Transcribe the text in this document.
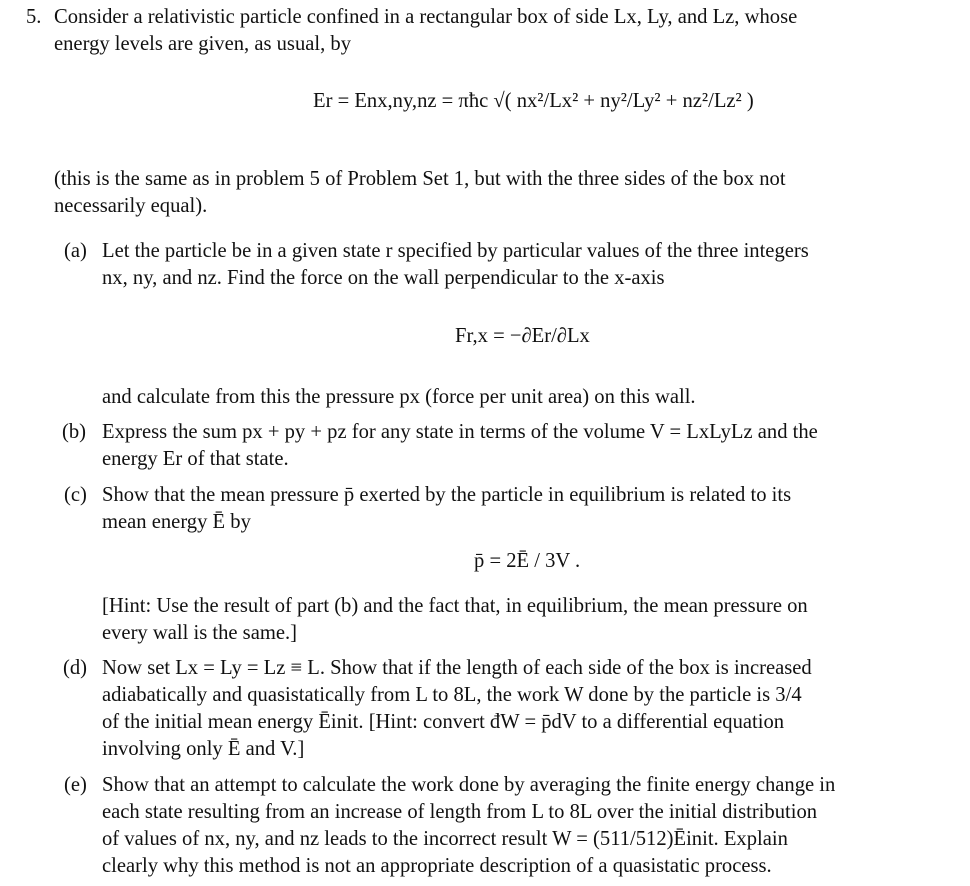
5. Consider a relativistic particle confined in a rectangular box of side Lx, Ly, and Lz, whose
energy levels are given, as usual, by
Er = Enx,ny,nz = πħc √( nx²/Lx² + ny²/Ly² + nz²/Lz² )
(this is the same as in problem 5 of Problem Set 1, but with the three sides of the box not
necessarily equal).
(a) Let the particle be in a given state r specified by particular values of the three integers
nx, ny, and nz. Find the force on the wall perpendicular to the x-axis
Fr,x = −∂Er/∂Lx
and calculate from this the pressure px (force per unit area) on this wall.
(b) Express the sum px + py + pz for any state in terms of the volume V = LxLyLz and the
energy Er of that state.
(c) Show that the mean pressure p̄ exerted by the particle in equilibrium is related to its
mean energy Ē by
p̄ = 2Ē / 3V .
[Hint: Use the result of part (b) and the fact that, in equilibrium, the mean pressure on
every wall is the same.]
(d) Now set Lx = Ly = Lz ≡ L. Show that if the length of each side of the box is increased
adiabatically and quasistatically from L to 8L, the work W done by the particle is 3/4
of the initial mean energy Ēinit. [Hint: convert đW = p̄dV to a differential equation
involving only Ē and V.]
(e) Show that an attempt to calculate the work done by averaging the finite energy change in
each state resulting from an increase of length from L to 8L over the initial distribution
of values of nx, ny, and nz leads to the incorrect result W = (511/512)Ēinit. Explain
clearly why this method is not an appropriate description of a quasistatic process.
